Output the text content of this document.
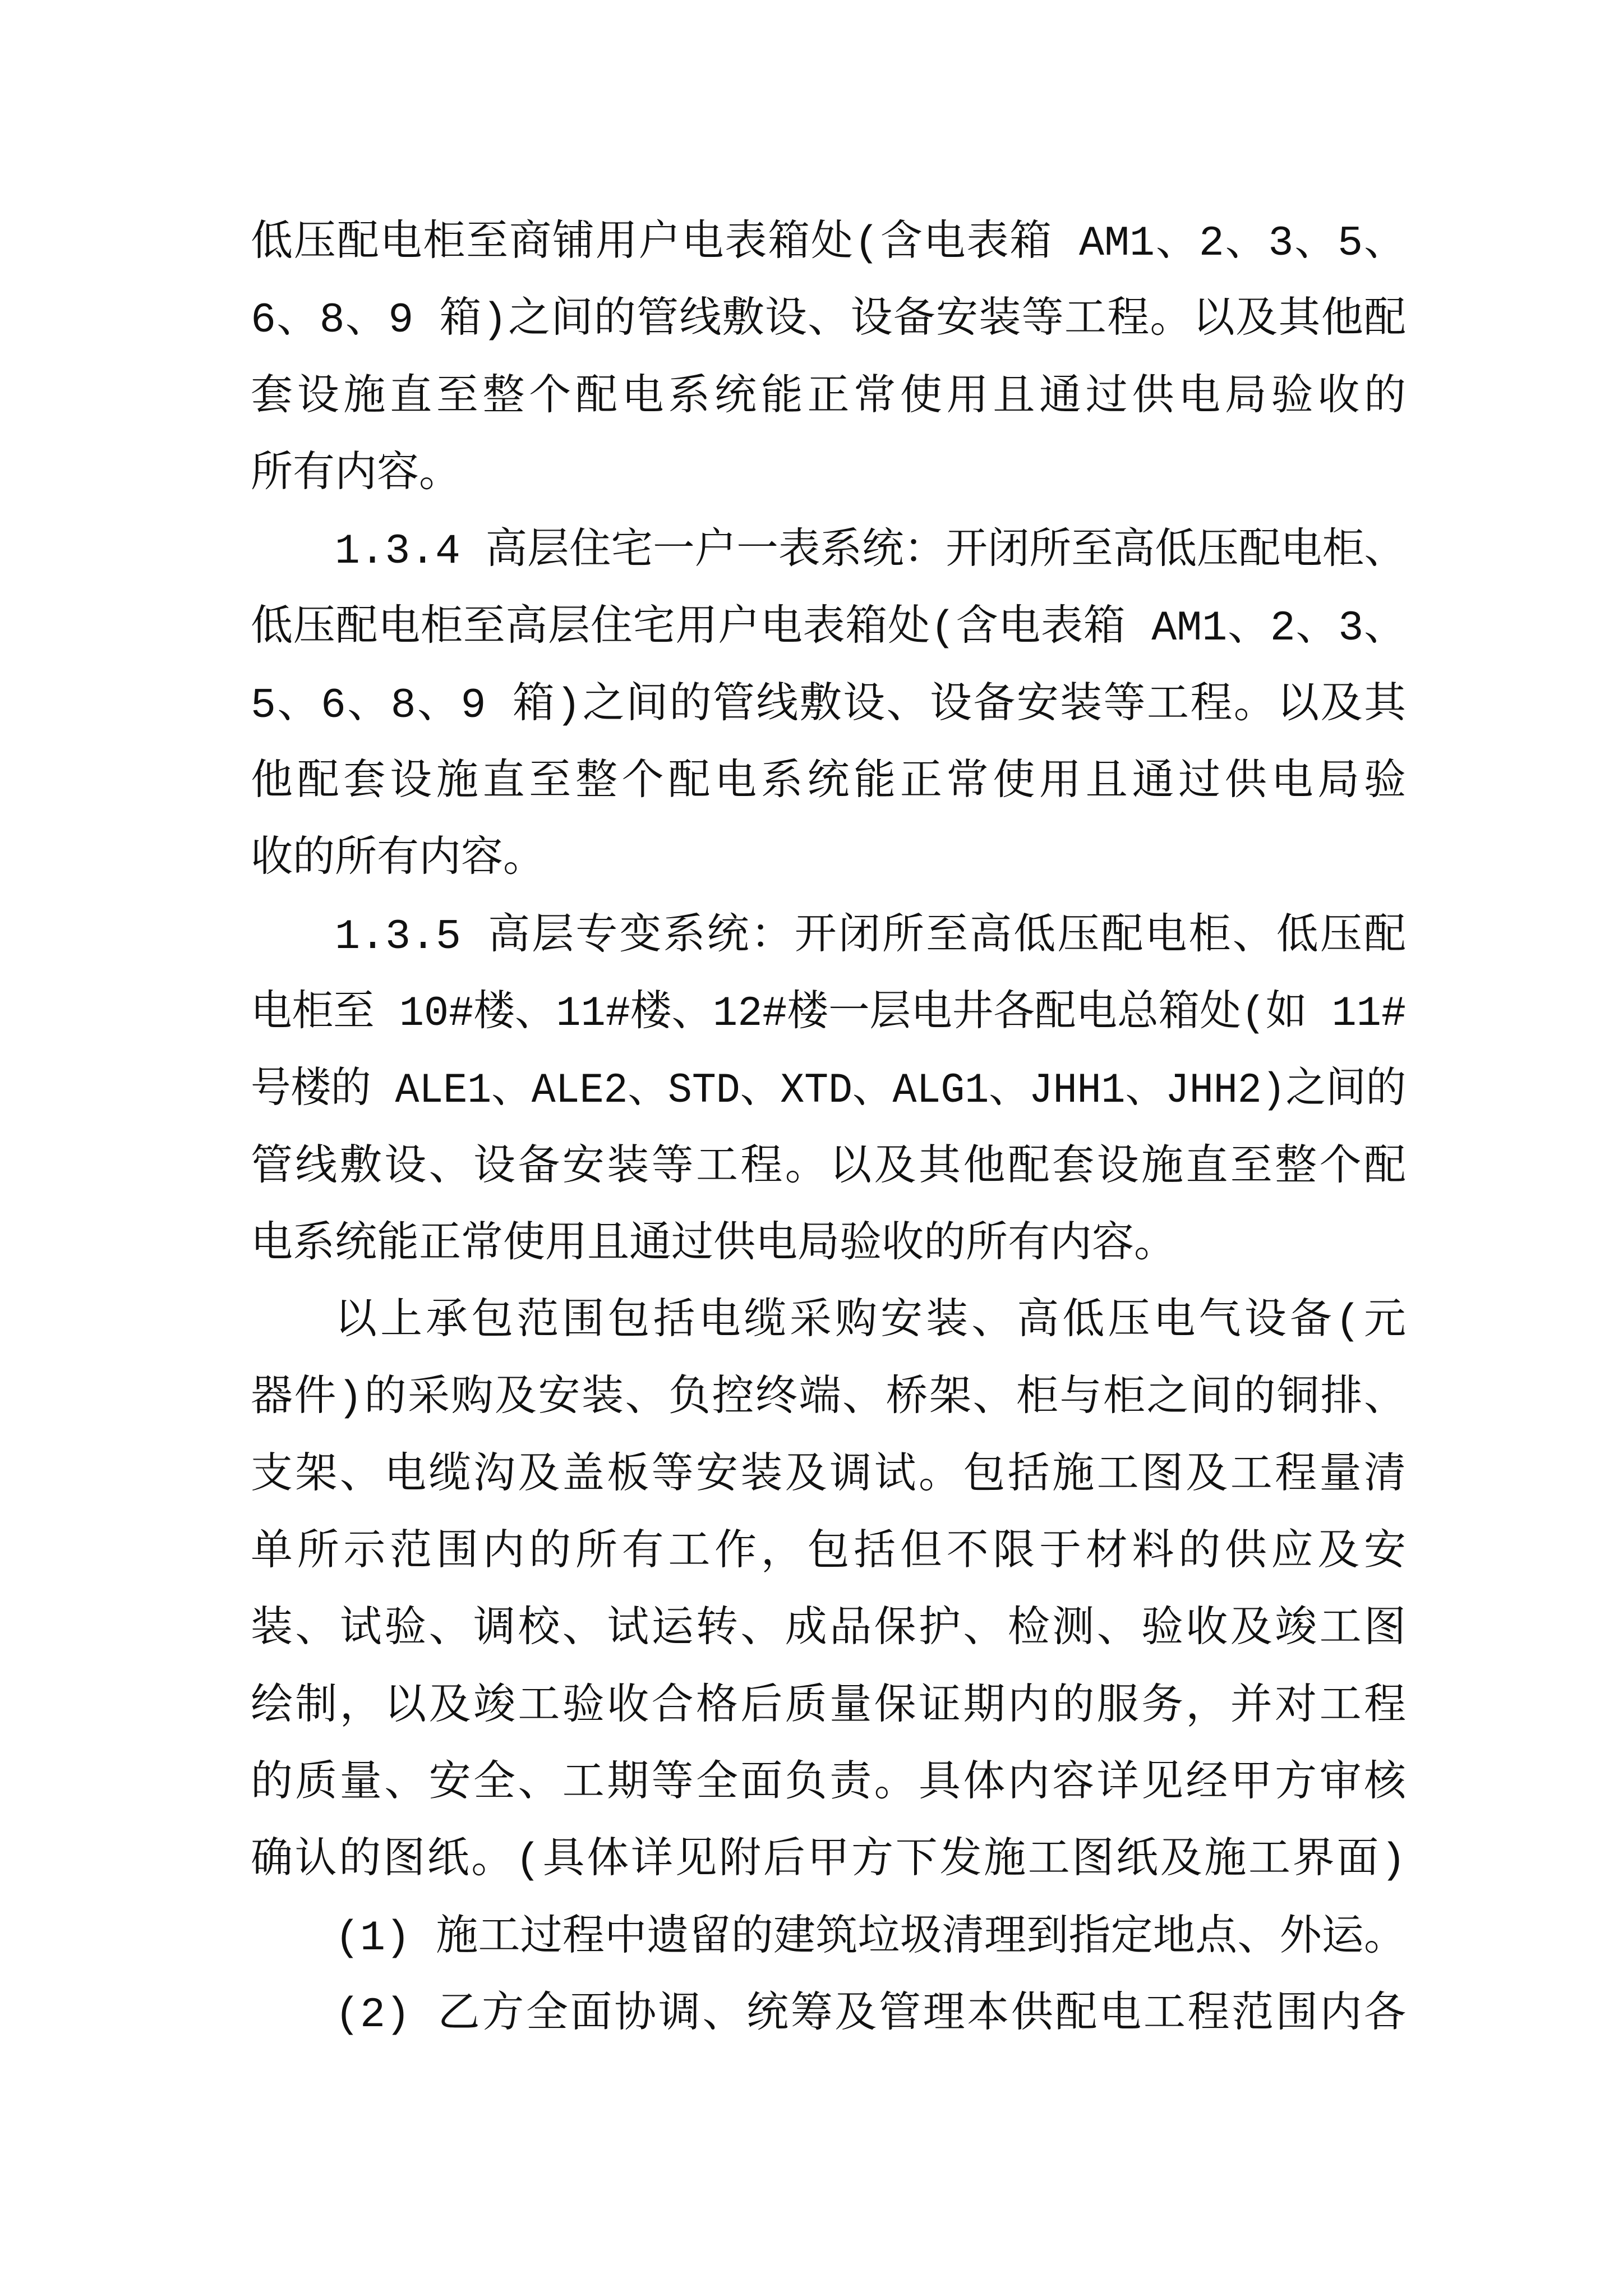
低压配电柜至商铺用户电表箱处(含电表箱 AM1、2、3、5、
6、8、9 箱)之间的管线敷设、设备安装等工程。以及其他配
套设施直至整个配电系统能正常使用且通过供电局验收的
所有内容。
1.3.4 高层住宅一户一表系统：开闭所至高低压配电柜、
低压配电柜至高层住宅用户电表箱处(含电表箱 AM1、2、3、
5、6、8、9 箱)之间的管线敷设、设备安装等工程。以及其
他配套设施直至整个配电系统能正常使用且通过供电局验
收的所有内容。
1.3.5 高层专变系统：开闭所至高低压配电柜、低压配
电柜至 10#楼、11#楼、12#楼一层电井各配电总箱处(如 11#
号楼的 ALE1、ALE2、STD、XTD、ALG1、JHH1、JHH2)之间的
管线敷设、设备安装等工程。以及其他配套设施直至整个配
电系统能正常使用且通过供电局验收的所有内容。
以上承包范围包括电缆采购安装、高低压电气设备(元
器件)的采购及安装、负控终端、桥架、柜与柜之间的铜排、
支架、电缆沟及盖板等安装及调试。包括施工图及工程量清
单所示范围内的所有工作，包括但不限于材料的供应及安
装、试验、调校、试运转、成品保护、检测、验收及竣工图
绘制，以及竣工验收合格后质量保证期内的服务，并对工程
的质量、安全、工期等全面负责。具体内容详见经甲方审核
确认的图纸。(具体详见附后甲方下发施工图纸及施工界面)
(1) 施工过程中遗留的建筑垃圾清理到指定地点、外运。
(2) 乙方全面协调、统筹及管理本供配电工程范围内各
